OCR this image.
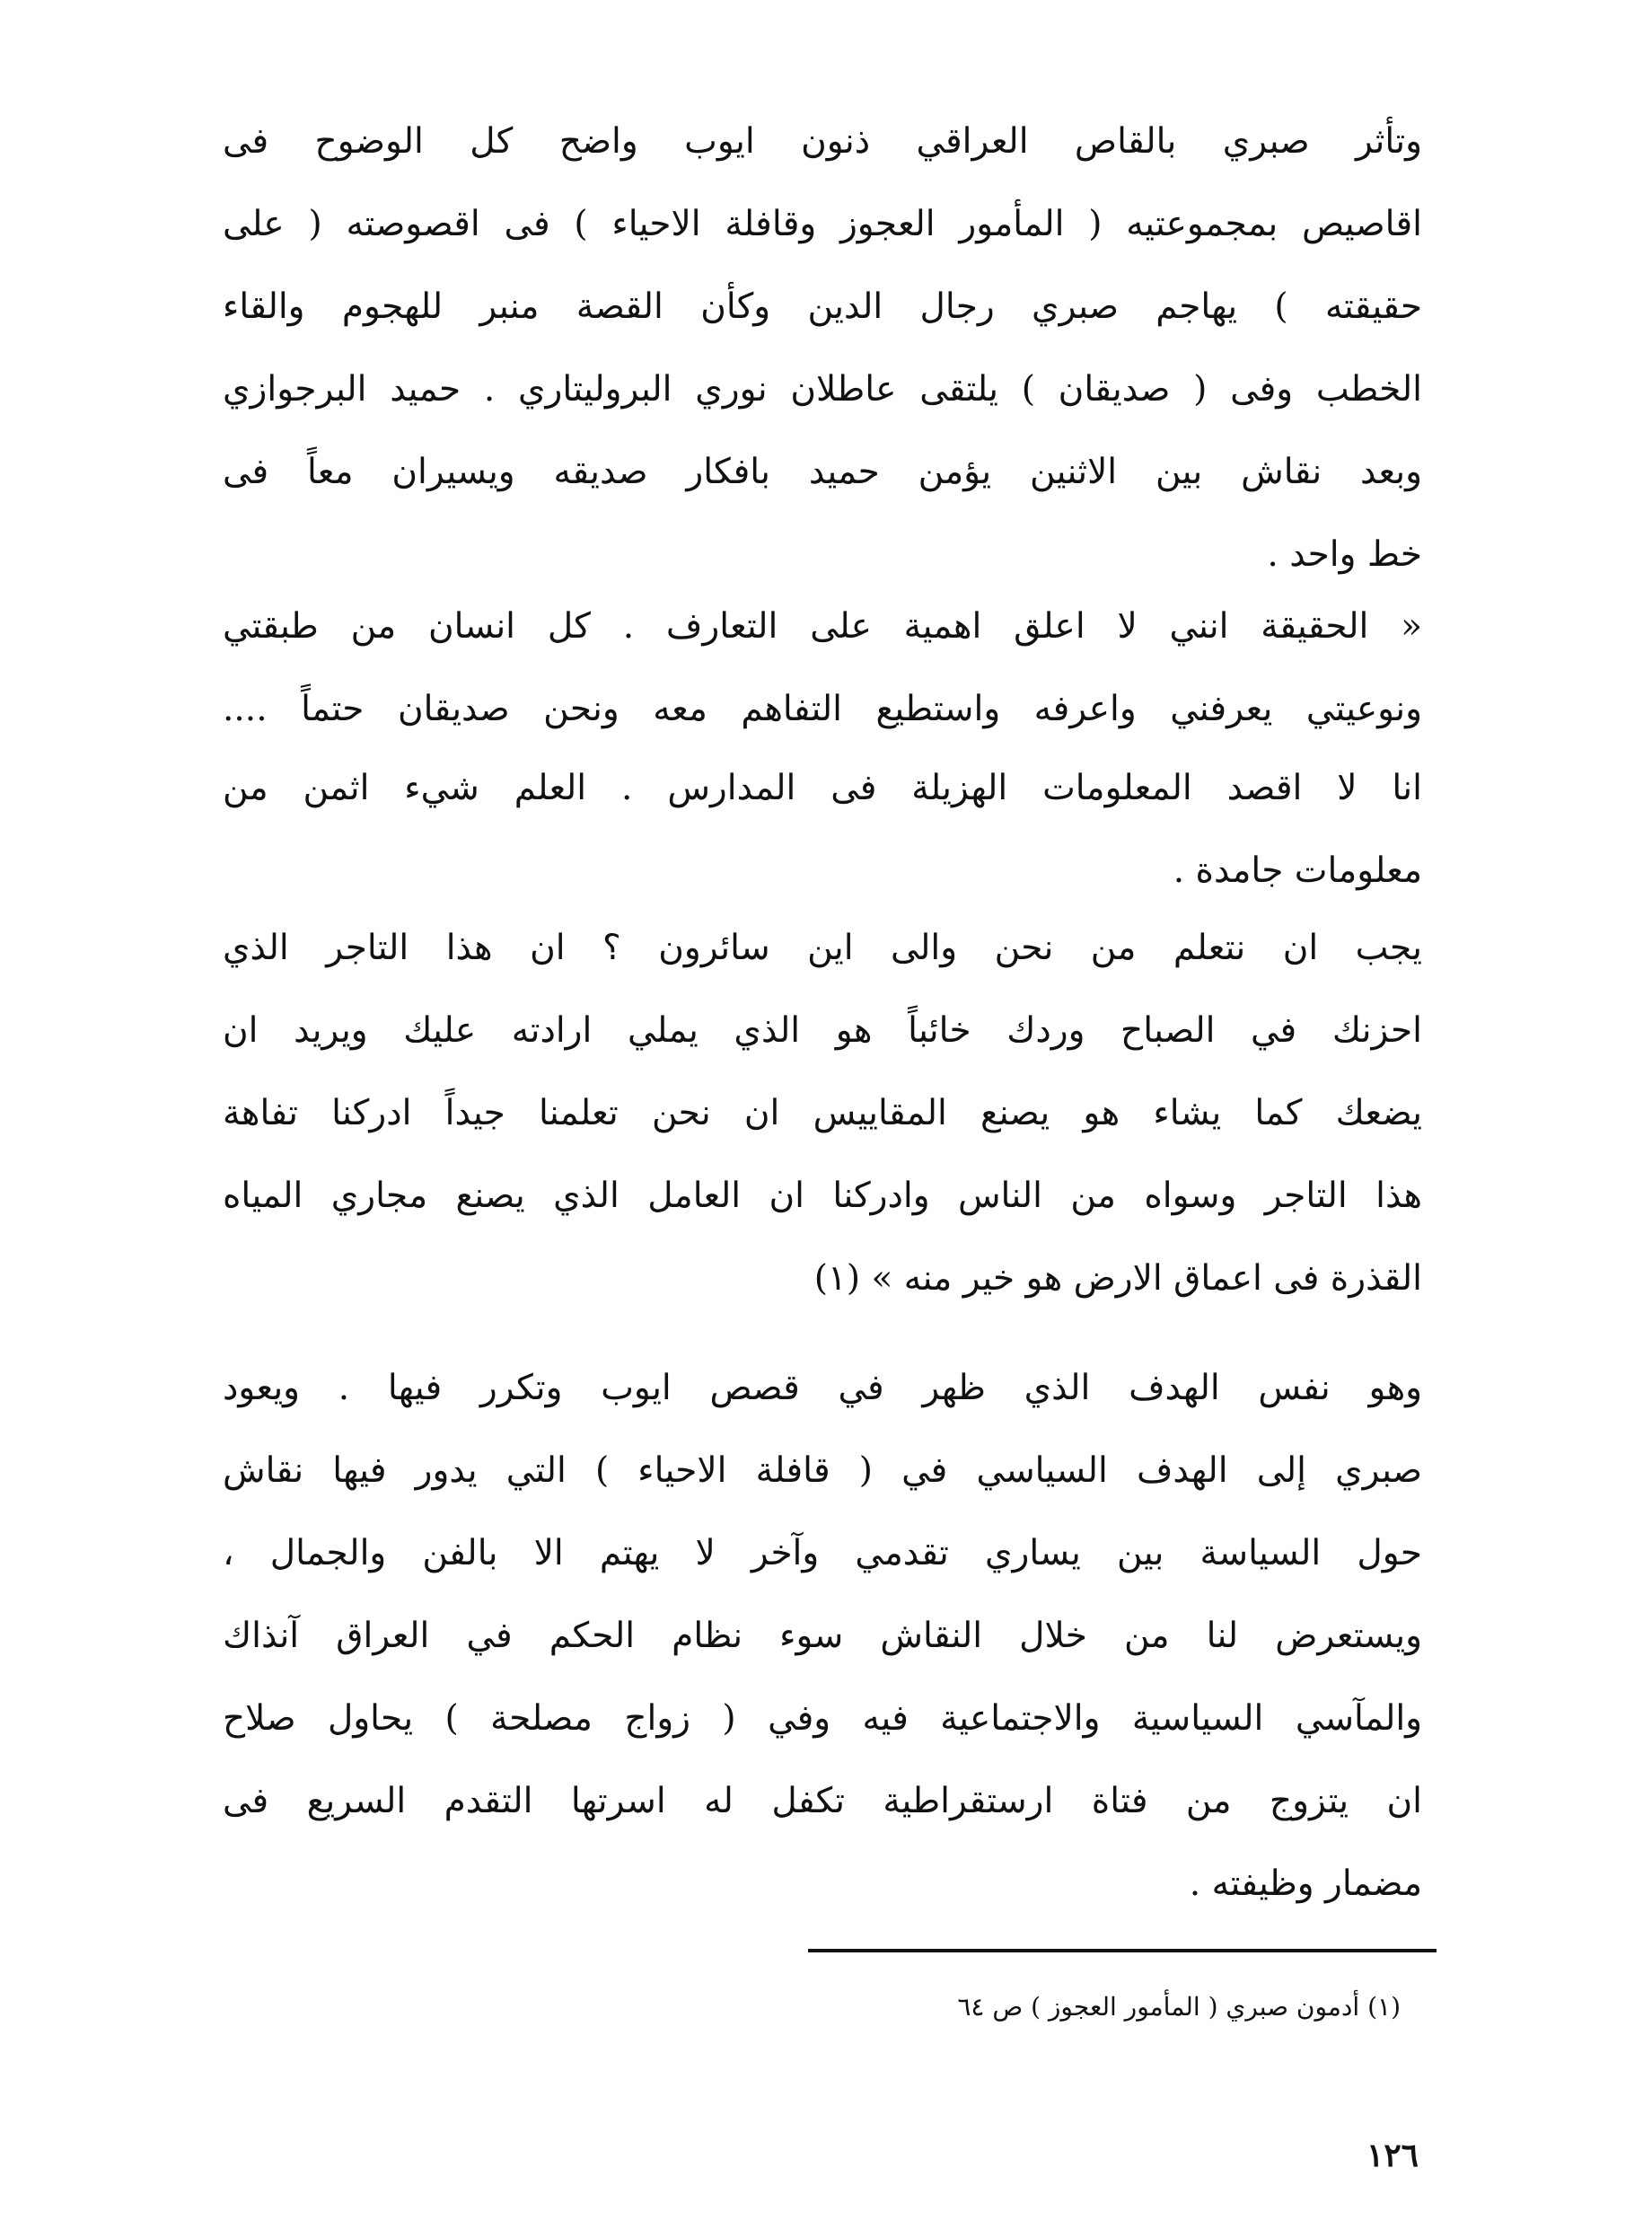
وتأثر صبري بالقاص العراقي ذنون ايوب واضح كل الوضوح فى
اقاصيص بمجموعتيه ( المأمور العجوز وقافلة الاحياء ) فى اقصوصته ( على
حقيقته ) يهاجم صبري رجال الدين وكأن القصة منبر للهجوم والقاء
الخطب وفى ( صديقان ) يلتقى عاطلان نوري البروليتاري . حميد البرجوازي
وبعد نقاش بين الاثنين يؤمن حميد بافكار صديقه ويسيران معاً فى
خط واحد .
« الحقيقة انني لا اعلق اهمية على التعارف . كل انسان من طبقتي
ونوعيتي يعرفني واعرفه واستطيع التفاهم معه ونحن صديقان حتماً ....
انا لا اقصد المعلومات الهزيلة فى المدارس . العلم شيء اثمن من
معلومات جامدة .
يجب ان نتعلم من نحن والى اين سائرون ؟ ان هذا التاجر الذي
احزنك في الصباح وردك خائباً هو الذي يملي ارادته عليك ويريد ان
يضعك كما يشاء هو يصنع المقاييس ان نحن تعلمنا جيداً ادركنا تفاهة
هذا التاجر وسواه من الناس وادركنا ان العامل الذي يصنع مجاري المياه
القذرة فى اعماق الارض هو خير منه » (١)
وهو نفس الهدف الذي ظهر في قصص ايوب وتكرر فيها . ويعود
صبري إلى الهدف السياسي في ( قافلة الاحياء ) التي يدور فيها نقاش
حول السياسة بين يساري تقدمي وآخر لا يهتم الا بالفن والجمال ،
ويستعرض لنا من خلال النقاش سوء نظام الحكم في العراق آنذاك
والمآسي السياسية والاجتماعية فيه وفي ( زواج مصلحة ) يحاول صلاح
ان يتزوج من فتاة ارستقراطية تكفل له اسرتها التقدم السريع فى
مضمار وظيفته .
(١) أدمون صبري ( المأمور العجوز ) ص ٦٤
١٢٦
